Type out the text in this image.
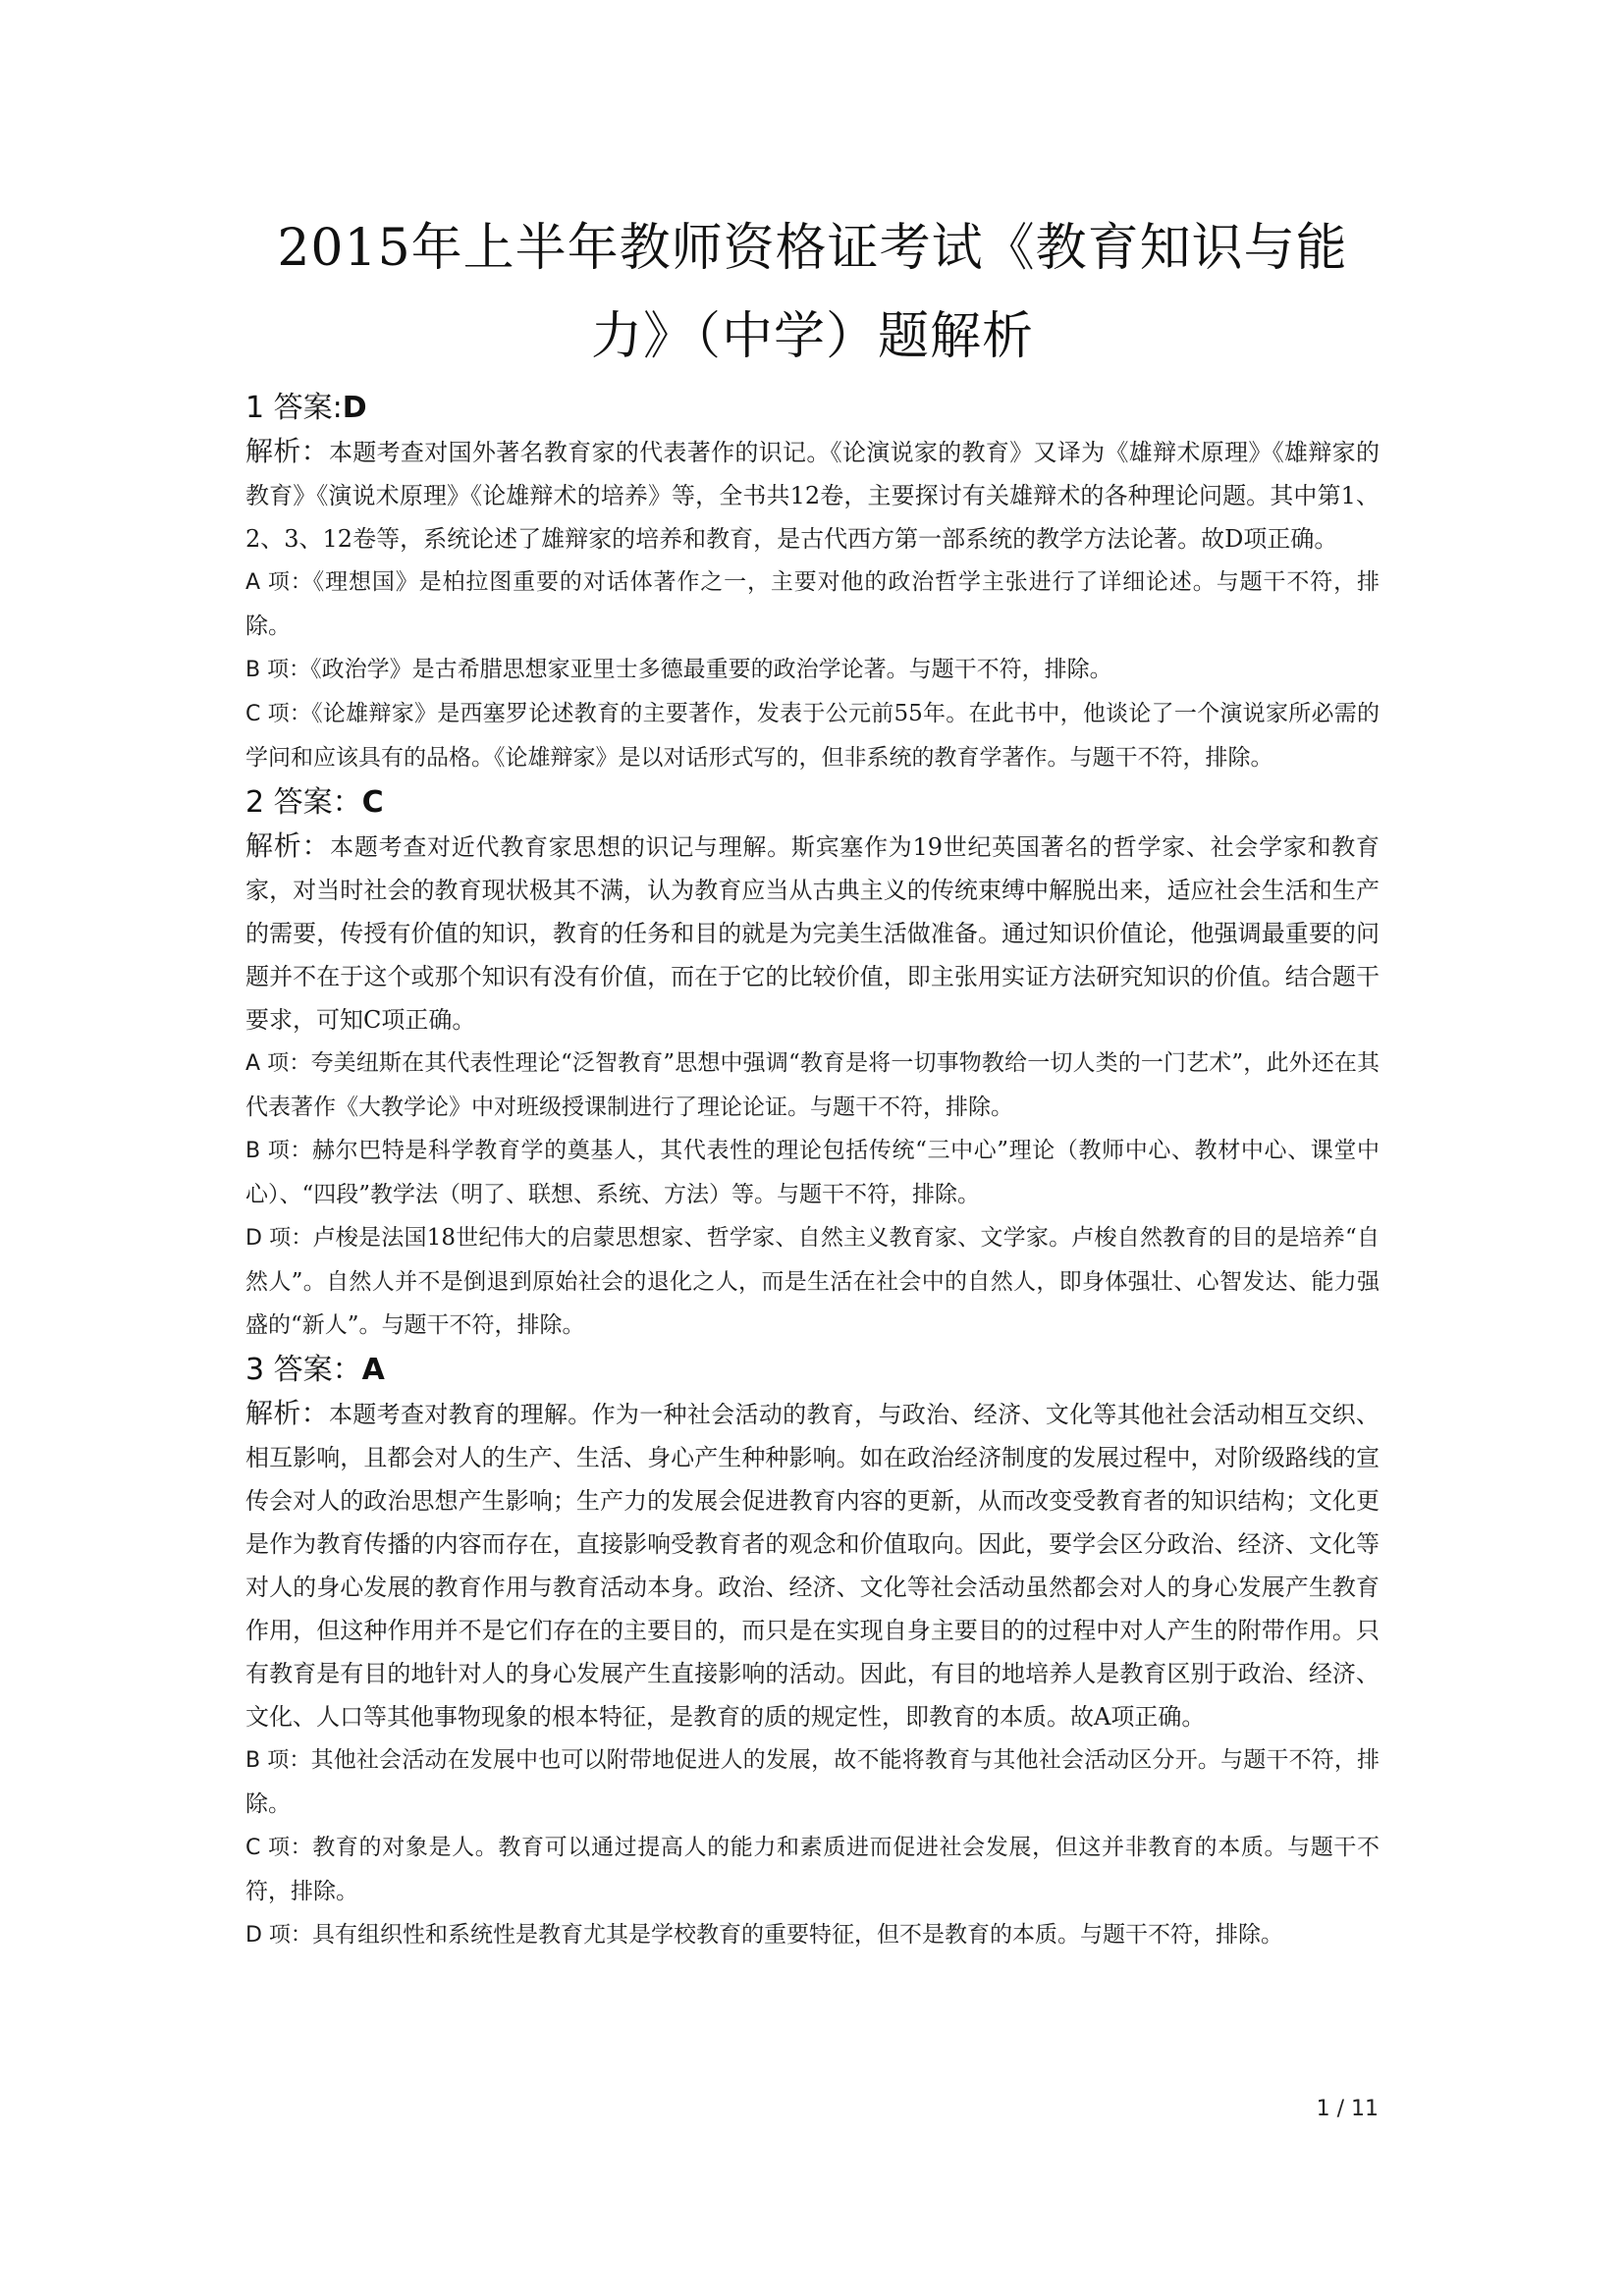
2015年上半年教师资格证考试《教育知识与能力》（中学）题解析

1 答案:D

解析：本题考查对国外著名教育家的代表著作的识记。《论演说家的教育》又译为《雄辩术原理》《雄辩家的教育》《演说术原理》《论雄辩术的培养》等，全书共12卷，主要探讨有关雄辩术的各种理论问题。其中第1、2、3、12卷等，系统论述了雄辩家的培养和教育，是古代西方第一部系统的教学方法论著。故D项正确。

A 项：《理想国》是柏拉图重要的对话体著作之一，主要对他的政治哲学主张进行了详细论述。与题干不符，排除。

B 项：《政治学》是古希腊思想家亚里士多德最重要的政治学论著。与题干不符，排除。

C 项：《论雄辩家》是西塞罗论述教育的主要著作，发表于公元前55年。在此书中，他谈论了一个演说家所必需的学问和应该具有的品格。《论雄辩家》是以对话形式写的，但非系统的教育学著作。与题干不符，排除。

2 答案：C

解析：本题考查对近代教育家思想的识记与理解。斯宾塞作为19世纪英国著名的哲学家、社会学家和教育家，对当时社会的教育现状极其不满，认为教育应当从古典主义的传统束缚中解脱出来，适应社会生活和生产的需要，传授有价值的知识，教育的任务和目的就是为完美生活做准备。通过知识价值论，他强调最重要的问题并不在于这个或那个知识有没有价值，而在于它的比较价值，即主张用实证方法研究知识的价值。结合题干要求，可知C项正确。

A 项：夸美纽斯在其代表性理论“泛智教育”思想中强调“教育是将一切事物教给一切人类的一门艺术”，此外还在其代表著作《大教学论》中对班级授课制进行了理论论证。与题干不符，排除。

B 项：赫尔巴特是科学教育学的奠基人，其代表性的理论包括传统“三中心”理论（教师中心、教材中心、课堂中心）、“四段”教学法（明了、联想、系统、方法）等。与题干不符，排除。

D 项：卢梭是法国18世纪伟大的启蒙思想家、哲学家、自然主义教育家、文学家。卢梭自然教育的目的是培养“自然人”。自然人并不是倒退到原始社会的退化之人，而是生活在社会中的自然人，即身体强壮、心智发达、能力强盛的“新人”。与题干不符，排除。

3 答案：A

解析：本题考查对教育的理解。作为一种社会活动的教育，与政治、经济、文化等其他社会活动相互交织、相互影响，且都会对人的生产、生活、身心产生种种影响。如在政治经济制度的发展过程中，对阶级路线的宣传会对人的政治思想产生影响；生产力的发展会促进教育内容的更新，从而改变受教育者的知识结构；文化更是作为教育传播的内容而存在，直接影响受教育者的观念和价值取向。因此，要学会区分政治、经济、文化等对人的身心发展的教育作用与教育活动本身。政治、经济、文化等社会活动虽然都会对人的身心发展产生教育作用，但这种作用并不是它们存在的主要目的，而只是在实现自身主要目的的过程中对人产生的附带作用。只有教育是有目的地针对人的身心发展产生直接影响的活动。因此，有目的地培养人是教育区别于政治、经济、文化、人口等其他事物现象的根本特征，是教育的质的规定性，即教育的本质。故A项正确。

B 项：其他社会活动在发展中也可以附带地促进人的发展，故不能将教育与其他社会活动区分开。与题干不符，排除。

C 项：教育的对象是人。教育可以通过提高人的能力和素质进而促进社会发展，但这并非教育的本质。与题干不符，排除。

D 项：具有组织性和系统性是教育尤其是学校教育的重要特征，但不是教育的本质。与题干不符，排除。

1 / 11
